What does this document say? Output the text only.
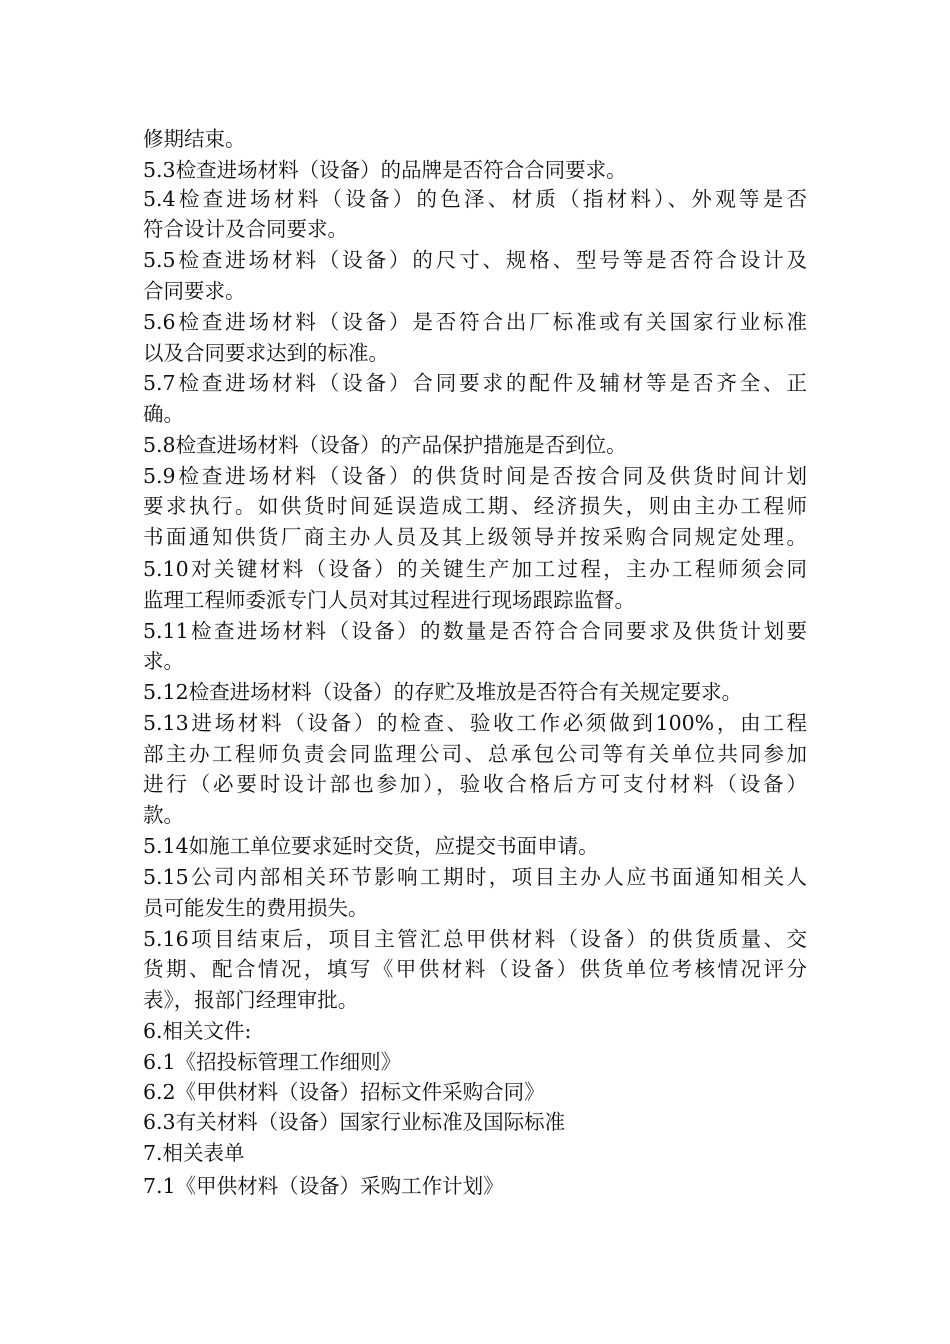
修期结束。

5.3检查进场材料（设备）的品牌是否符合合同要求。

5.4检查进场材料（设备）的色泽、材质（指材料）、外观等是否

符合设计及合同要求。

5.5检查进场材料（设备）的尺寸、规格、型号等是否符合设计及

合同要求。

5.6检查进场材料（设备）是否符合出厂标准或有关国家行业标准

以及合同要求达到的标准。

5.7检查进场材料（设备）合同要求的配件及辅材等是否齐全、正

确。

5.8检查进场材料（设备）的产品保护措施是否到位。

5.9检查进场材料（设备）的供货时间是否按合同及供货时间计划

要求执行。如供货时间延误造成工期、经济损失，则由主办工程师

书面通知供货厂商主办人员及其上级领导并按采购合同规定处理。

5.10对关键材料（设备）的关键生产加工过程，主办工程师须会同

监理工程师委派专门人员对其过程进行现场跟踪监督。

5.11检查进场材料（设备）的数量是否符合合同要求及供货计划要

求。

5.12检查进场材料（设备）的存贮及堆放是否符合有关规定要求。

5.13进场材料（设备）的检查、验收工作必须做到100%，由工程

部主办工程师负责会同监理公司、总承包公司等有关单位共同参加

进行（必要时设计部也参加），验收合格后方可支付材料（设备）

款。

5.14如施工单位要求延时交货，应提交书面申请。

5.15公司内部相关环节影响工期时，项目主办人应书面通知相关人

员可能发生的费用损失。

5.16项目结束后，项目主管汇总甲供材料（设备）的供货质量、交

货期、配合情况，填写《甲供材料（设备）供货单位考核情况评分

表》，报部门经理审批。

6.相关文件:

6.1《招投标管理工作细则》

6.2《甲供材料（设备）招标文件采购合同》

6.3有关材料（设备）国家行业标准及国际标准

7.相关表单

7.1《甲供材料（设备）采购工作计划》
